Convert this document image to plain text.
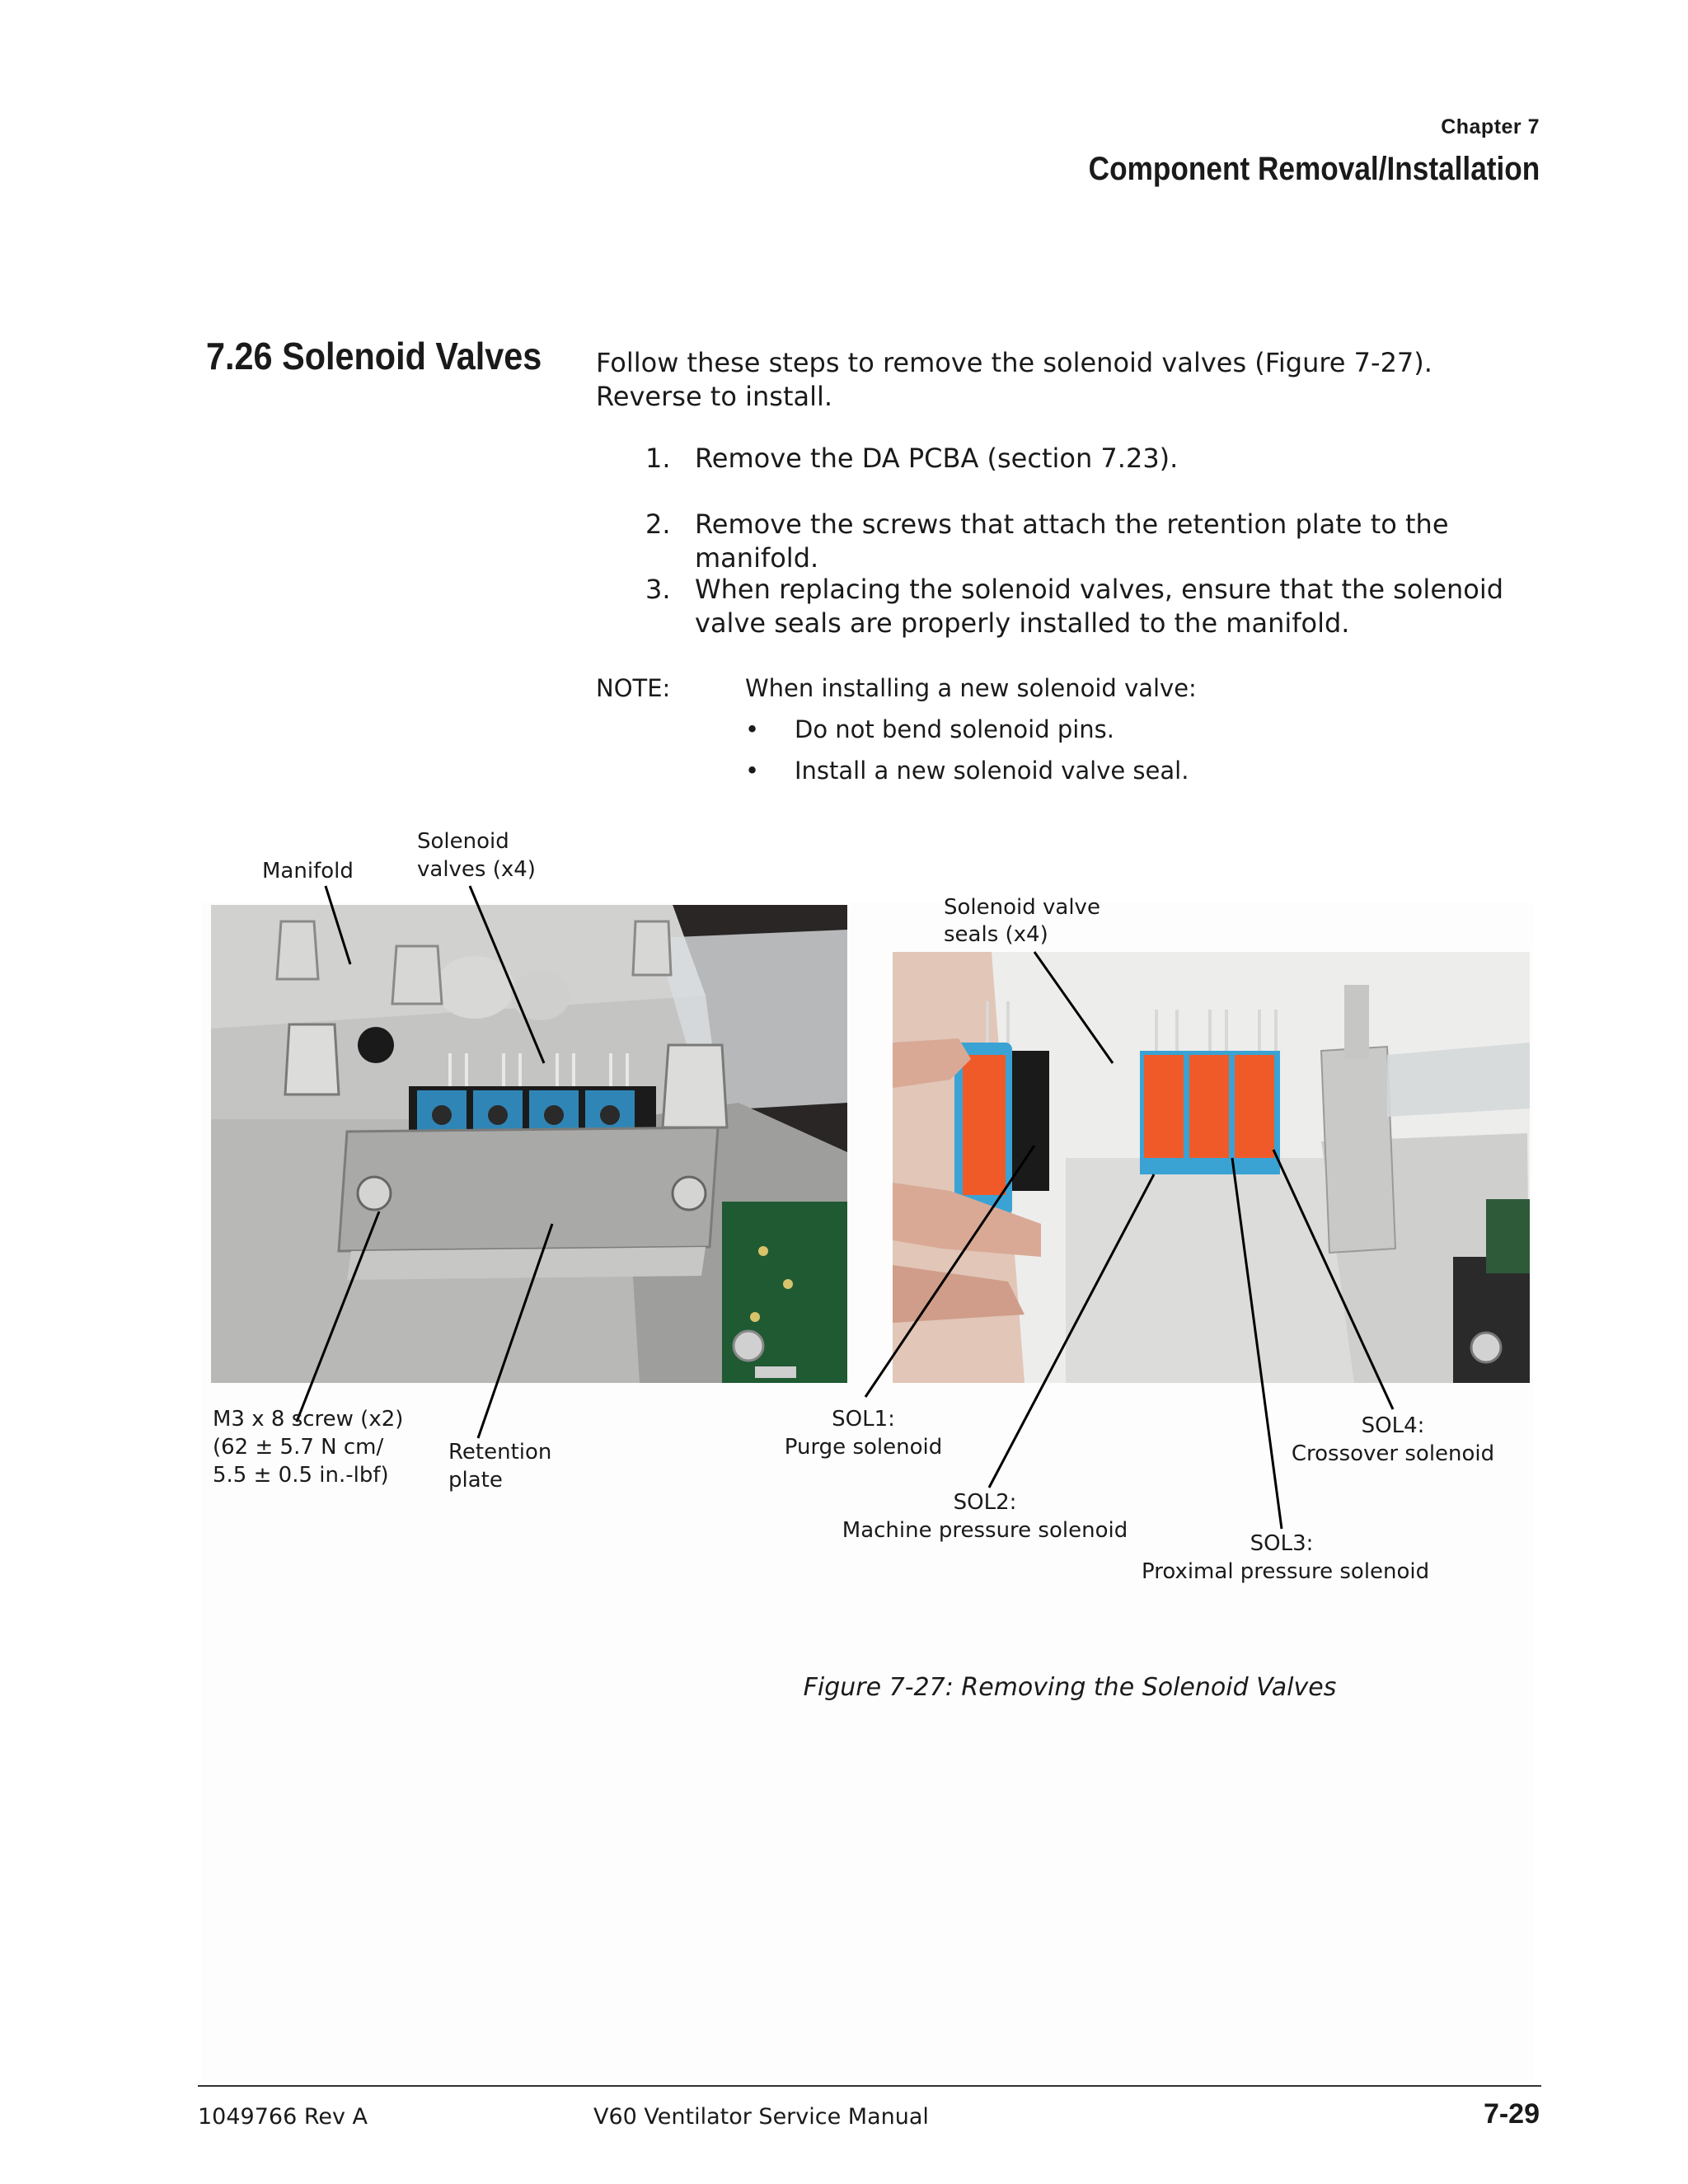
Chapter 7
Component Removal/Installation
7.26 Solenoid Valves Follow these steps to remove the solenoid valves (Figure 7-27). Reverse to install.
1. Remove the DA PCBA (section 7.23).
2. Remove the screws that attach the retention plate to the manifold.
3. When replacing the solenoid valves, ensure that the solenoid valve seals are properly installed to the manifold.
NOTE:	When installing a new solenoid valve:
• Do not bend solenoid pins.
• Install a new solenoid valve seal.
Manifold
Solenoid
valves (x4)
Solenoid valve
seals (x4)
M3 x 8 screw (x2)
(62 ± 5.7 N cm/
5.5 ± 0.5 in.-lbf)
Retention
plate
SOL1:
Purge solenoid
SOL2:
Machine pressure solenoid
SOL3:
Proximal pressure solenoid
SOL4:
Crossover solenoid
Figure 7-27: Removing the Solenoid Valves
1049766 Rev A	V60 Ventilator Service Manual	7-29
